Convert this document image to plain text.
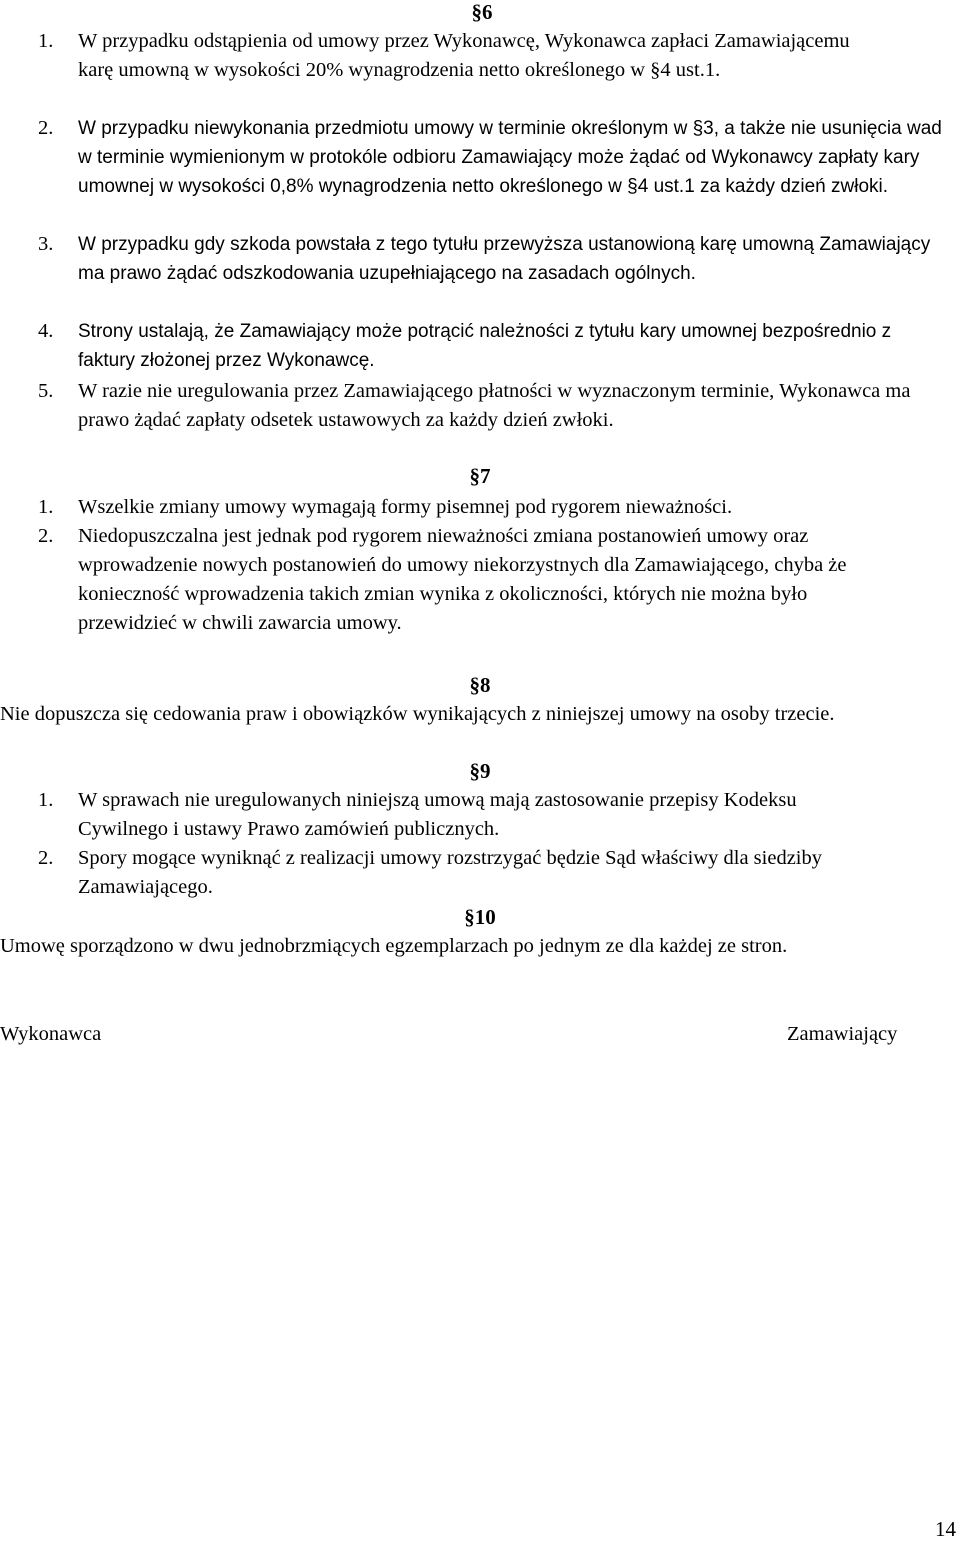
§6
1. W przypadku odstąpienia od umowy przez Wykonawcę, Wykonawca zapłaci Zamawiającemu karę umowną w wysokości 20% wynagrodzenia netto określonego w §4 ust.1.
2. W przypadku niewykonania przedmiotu umowy w terminie określonym w §3, a także nie usunięcia wad w terminie wymienionym w protokóle odbioru Zamawiający może żądać od Wykonawcy zapłaty kary umownej w wysokości 0,8% wynagrodzenia netto określonego w §4 ust.1 za każdy dzień zwłoki.
3. W przypadku gdy szkoda powstała z tego tytułu przewyższa ustanowioną karę umowną Zamawiający ma prawo żądać odszkodowania uzupełniającego na zasadach ogólnych.
4. Strony ustalają, że Zamawiający może potrącić należności z tytułu kary umownej bezpośrednio z faktury złożonej przez Wykonawcę.
5. W razie nie uregulowania przez Zamawiającego płatności w wyznaczonym terminie, Wykonawca ma prawo żądać zapłaty odsetek ustawowych za każdy dzień zwłoki.
§7
1. Wszelkie zmiany umowy wymagają formy pisemnej pod rygorem nieważności.
2. Niedopuszczalna jest jednak pod rygorem nieważności zmiana postanowień umowy oraz wprowadzenie nowych postanowień do umowy niekorzystnych dla Zamawiającego, chyba że konieczność wprowadzenia takich zmian wynika z okoliczności, których nie można było przewidzieć w chwili zawarcia umowy.
§8
Nie dopuszcza się cedowania praw i obowiązków wynikających z niniejszej umowy na osoby trzecie.
§9
1. W sprawach nie uregulowanych niniejszą umową mają zastosowanie przepisy Kodeksu Cywilnego i ustawy Prawo zamówień publicznych.
2. Spory mogące wyniknąć z realizacji umowy rozstrzygać będzie Sąd właściwy dla siedziby Zamawiającego.
§10
Umowę sporządzono w dwu jednobrzmiących egzemplarzach po jednym ze dla każdej ze stron.
Wykonawca	Zamawiający
14
